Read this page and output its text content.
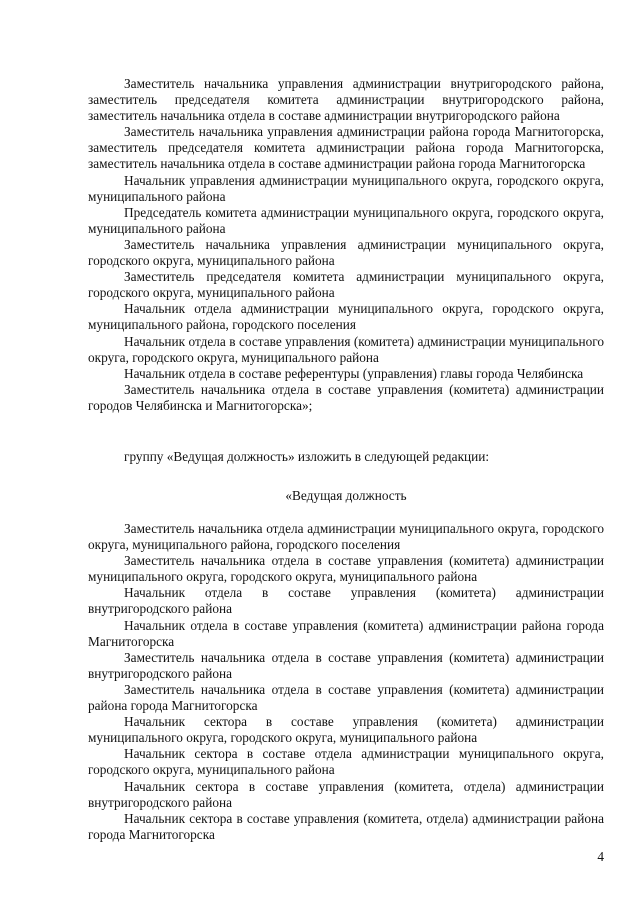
Заместитель начальника управления администрации внутригородского района, заместитель председателя комитета администрации внутригородского района, заместитель начальника отдела в составе администрации внутригородского района

Заместитель начальника управления администрации района города Магнитогорска, заместитель председателя комитета администрации района города Магнитогорска, заместитель начальника отдела в составе администрации района города Магнитогорска

Начальник управления администрации муниципального округа, городского округа, муниципального района

Председатель комитета администрации муниципального округа, городского округа, муниципального района

Заместитель начальника управления администрации муниципального округа, городского округа, муниципального района

Заместитель председателя комитета администрации муниципального округа, городского округа, муниципального района

Начальник отдела администрации муниципального округа, городского округа, муниципального района, городского поселения

Начальник отдела в составе управления (комитета) администрации муниципального округа, городского округа, муниципального района

Начальник отдела в составе референтуры (управления) главы города Челябинска

Заместитель начальника отдела в составе управления (комитета) администрации городов Челябинска и Магнитогорска»;

группу «Ведущая должность» изложить в следующей редакции:

«Ведущая должность

Заместитель начальника отдела администрации муниципального округа, городского округа, муниципального района, городского поселения

Заместитель начальника отдела в составе управления (комитета) администрации муниципального округа, городского округа, муниципального района

Начальник отдела в составе управления (комитета) администрации внутригородского района

Начальник отдела в составе управления (комитета) администрации района города Магнитогорска

Заместитель начальника отдела в составе управления (комитета) администрации внутригородского района

Заместитель начальника отдела в составе управления (комитета) администрации района города Магнитогорска

Начальник сектора в составе управления (комитета) администрации муниципального округа, городского округа, муниципального района

Начальник сектора в составе отдела администрации муниципального округа, городского округа, муниципального района

Начальник сектора в составе управления (комитета, отдела) администрации внутригородского района

Начальник сектора в составе управления (комитета, отдела) администрации района города Магнитогорска

4
